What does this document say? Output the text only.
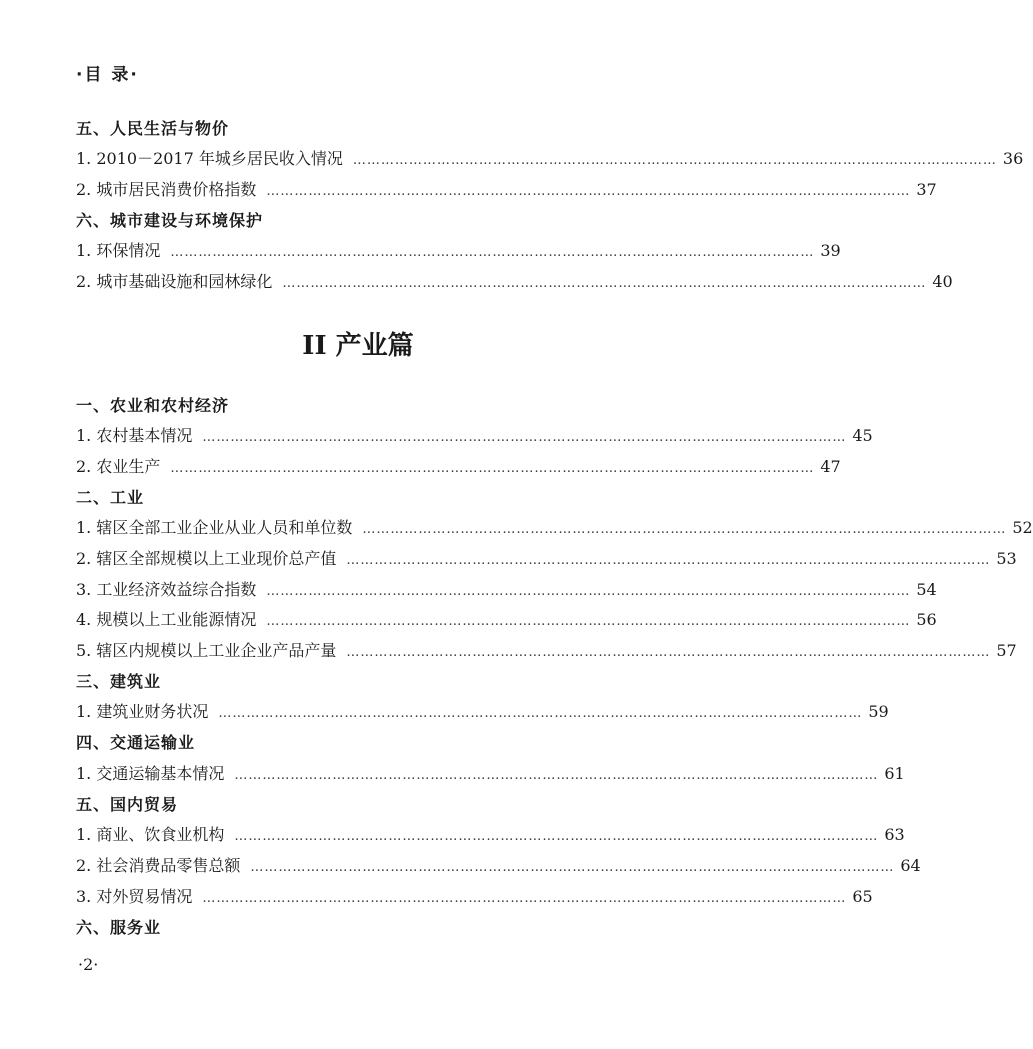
·目 录·
五、人民生活与物价
1. 2010－2017 年城乡居民收入情况 ………………………………………………………………………………………………………………………… 36
2. 城市居民消费价格指数 ………………………………………………………………………………………………………………………… 37
六、城市建设与环境保护
1. 环保情况 ………………………………………………………………………………………………………………………… 39
2. 城市基础设施和园林绿化 ………………………………………………………………………………………………………………………… 40
II 产业篇
一、农业和农村经济
1. 农村基本情况 ………………………………………………………………………………………………………………………… 45
2. 农业生产 ………………………………………………………………………………………………………………………… 47
二、工业
1. 辖区全部工业企业从业人员和单位数 ………………………………………………………………………………………………………………………… 52
2. 辖区全部规模以上工业现价总产值 ………………………………………………………………………………………………………………………… 53
3. 工业经济效益综合指数 ………………………………………………………………………………………………………………………… 54
4. 规模以上工业能源情况 ………………………………………………………………………………………………………………………… 56
5. 辖区内规模以上工业企业产品产量 ………………………………………………………………………………………………………………………… 57
三、建筑业
1. 建筑业财务状况 ………………………………………………………………………………………………………………………… 59
四、交通运输业
1. 交通运输基本情况 ………………………………………………………………………………………………………………………… 61
五、国内贸易
1. 商业、饮食业机构 ………………………………………………………………………………………………………………………… 63
2. 社会消费品零售总额 ………………………………………………………………………………………………………………………… 64
3. 对外贸易情况 ………………………………………………………………………………………………………………………… 65
六、服务业
·2·
